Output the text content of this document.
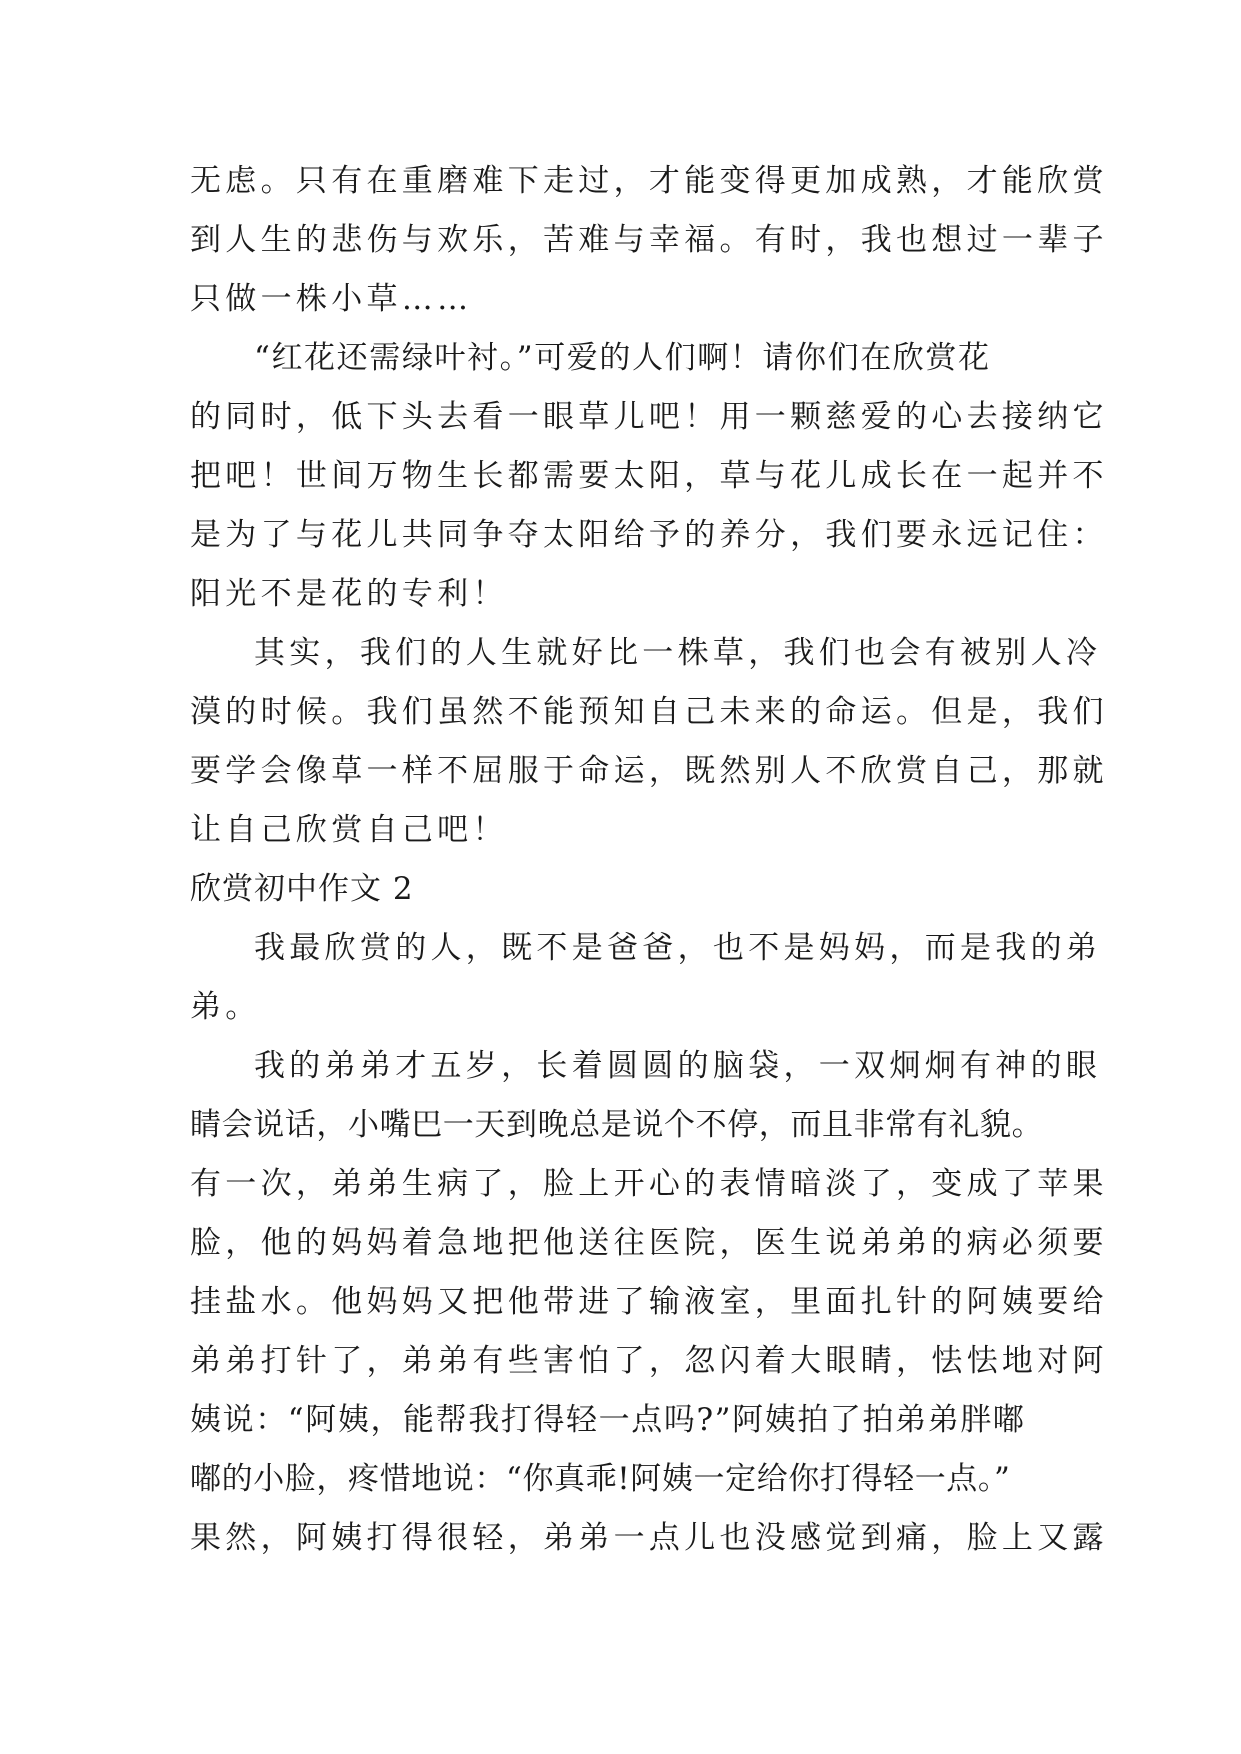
无虑。只有在重磨难下走过，才能变得更加成熟，才能欣赏
到人生的悲伤与欢乐，苦难与幸福。有时，我也想过一辈子
只做一株小草……
“红花还需绿叶衬。”可爱的人们啊！请你们在欣赏花
的同时，低下头去看一眼草儿吧！用一颗慈爱的心去接纳它
把吧！世间万物生长都需要太阳，草与花儿成长在一起并不
是为了与花儿共同争夺太阳给予的养分，我们要永远记住：
阳光不是花的专利！
其实，我们的人生就好比一株草，我们也会有被别人冷
漠的时候。我们虽然不能预知自己未来的命运。但是，我们
要学会像草一样不屈服于命运，既然别人不欣赏自己，那就
让自己欣赏自己吧！
欣赏初中作文 2
我最欣赏的人，既不是爸爸，也不是妈妈，而是我的弟
弟。
我的弟弟才五岁，长着圆圆的脑袋，一双炯炯有神的眼
睛会说话，小嘴巴一天到晚总是说个不停，而且非常有礼貌。
有一次，弟弟生病了，脸上开心的表情暗淡了，变成了苹果
脸，他的妈妈着急地把他送往医院，医生说弟弟的病必须要
挂盐水。他妈妈又把他带进了输液室，里面扎针的阿姨要给
弟弟打针了，弟弟有些害怕了，忽闪着大眼睛，怯怯地对阿
姨说：“阿姨，能帮我打得轻一点吗?”阿姨拍了拍弟弟胖嘟
嘟的小脸，疼惜地说：“你真乖!阿姨一定给你打得轻一点。”
果然，阿姨打得很轻，弟弟一点儿也没感觉到痛，脸上又露
